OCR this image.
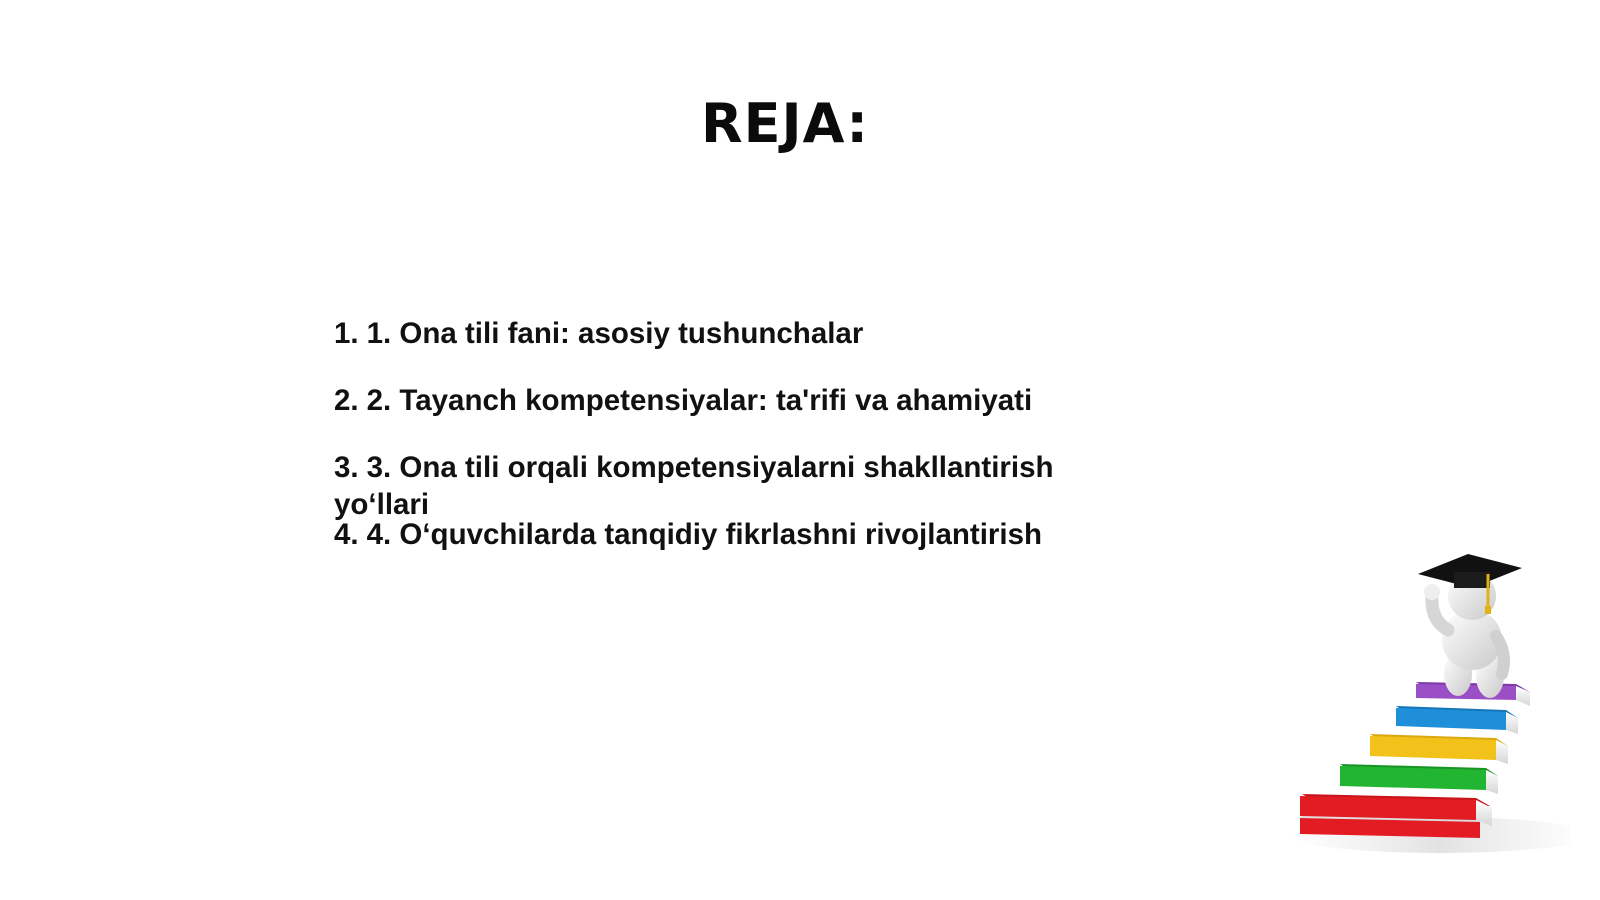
REJA:
1. 1. Ona tili fani: asosiy tushunchalar
2. 2. Tayanch kompetensiyalar: ta'rifi va ahamiyati
3. 3. Ona tili orqali kompetensiyalarni shakllantirish yo‘llari
4. 4. O‘quvchilarda tanqidiy fikrlashni rivojlantirish
